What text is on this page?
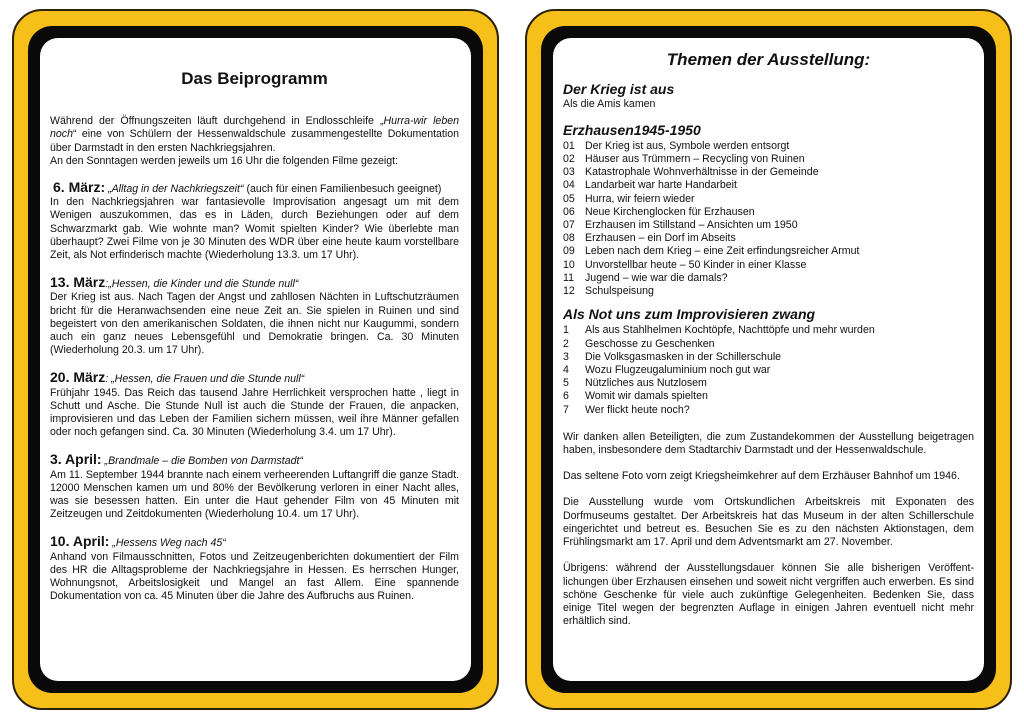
Das Beiprogramm

Während der Öffnungszeiten läuft durchgehend in Endlosschleife „Hurra-wir leben noch“ eine von Schülern der Hessenwaldschule zusammengestellte Dokumentation über Darmstadt in den ersten Nachkriegsjahren.

An den Sonntagen werden jeweils um 16 Uhr die folgenden Filme gezeigt:

6. März: „Alltag in der Nachkriegszeit“ (auch für einen Familienbesuch geeignet)

In den Nachkriegsjahren war fantasievolle Improvisation angesagt um mit dem Wenigen auszukommen, das es in Läden, durch Beziehungen oder auf dem Schwarzmarkt gab. Wie wohnte man? Womit spielten Kinder? Wie überlebte man überhaupt? Zwei Filme von je 30 Minuten des WDR über eine heute kaum vorstellbare Zeit, als Not erfinderisch machte (Wiederholung 13.3. um 17 Uhr).

13. März:„Hessen, die Kinder und die Stunde null“

Der Krieg ist aus. Nach Tagen der Angst und zahllosen Nächten in Luftschutzräumen bricht für die Heranwachsenden eine neue Zeit an. Sie spielen in Ruinen und sind begeistert von den amerikanischen Soldaten, die ihnen nicht nur Kaugummi, sondern auch ein ganz neues Lebensgefühl und Demokratie bringen. Ca. 30 Minuten (Wiederholung 20.3. um 17 Uhr).

20. März: „Hessen, die Frauen und die Stunde null“

Frühjahr 1945. Das Reich das tausend Jahre Herrlichkeit versprochen hatte , liegt in Schutt und Asche. Die Stunde Null ist auch die Stunde der Frauen, die anpacken, improvisieren und das Leben der Familien sichern müssen, weil ihre Männer gefallen oder noch gefangen sind. Ca. 30 Minuten (Wiederholung 3.4. um 17 Uhr).

3. April: „Brandmale – die Bomben von Darmstadt“

Am 11. September 1944 brannte nach einem verheerenden Luftangriff die ganze Stadt. 12000 Menschen kamen um und 80% der Bevölkerung verloren in einer Nacht alles, was sie besessen hatten. Ein unter die Haut gehender Film von 45 Minuten mit Zeitzeugen und Zeitdokumenten (Wiederholung 10.4. um 17 Uhr).

10. April: „Hessens Weg nach 45“

Anhand von Filmausschnitten, Fotos und Zeitzeugenberichten dokumentiert der Film des HR die Alltagsprobleme der Nachkriegsjahre in Hessen. Es herrschen Hunger, Wohnungsnot, Arbeitslosigkeit und Mangel an fast Allem. Eine spannende Dokumentation von ca. 45 Minuten über die Jahre des Aufbruchs aus Ruinen.

Themen der Ausstellung:
Der Krieg ist aus

Als die Amis kamen

Erzhausen1945-1950
01 Der Krieg ist aus, Symbole werden entsorgt
02 Häuser aus Trümmern – Recycling von Ruinen
03 Katastrophale Wohnverhältnisse in der Gemeinde
04 Landarbeit war harte Handarbeit
05 Hurra, wir feiern wieder
06 Neue Kirchenglocken für Erzhausen
07 Erzhausen im Stillstand – Ansichten um 1950
08 Erzhausen – ein Dorf im Abseits
09 Leben nach dem Krieg – eine Zeit erfindungsreicher Armut
10 Unvorstellbar heute – 50 Kinder in einer Klasse
11	Jugend – wie war die damals?
12 Schulspeisung
Als Not uns zum Improvisieren zwang
1	Als aus Stahlhelmen Kochtöpfe, Nachttöpfe und mehr wurden
2	Geschosse zu Geschenken
3	Die Volksgasmasken in der Schillerschule
4	Wozu Flugzeugaluminium noch gut war
5	Nützliches aus Nutzlosem
6	Womit wir damals spielten
7	Wer flickt heute noch?

Wir danken allen Beteiligten, die zum Zustandekommen der Ausstellung beigetragen haben, insbesondere dem Stadtarchiv Darmstadt und der Hessenwaldschule.

Das seltene Foto vorn zeigt Kriegsheimkehrer auf dem Erzhäuser Bahnhof um 1946.

Die Ausstellung wurde vom Ortskundlichen Arbeitskreis mit Exponaten des Dorfmuseums gestaltet. Der Arbeitskreis hat das Museum in der alten Schillerschule eingerichtet und betreut es. Besuchen Sie es zu den nächsten Aktionstagen, dem Frühlingsmarkt am 17. April und dem Adventsmarkt am 27. November.

Übrigens: während der Ausstellungsdauer können Sie alle bisherigen Veröffent-lichungen über Erzhausen einsehen und soweit nicht vergriffen auch erwerben. Es sind schöne Geschenke für viele auch zukünftige Gelegenheiten. Bedenken Sie, dass einige Titel wegen der begrenzten Auflage in einigen Jahren eventuell nicht mehr erhältlich sind.
